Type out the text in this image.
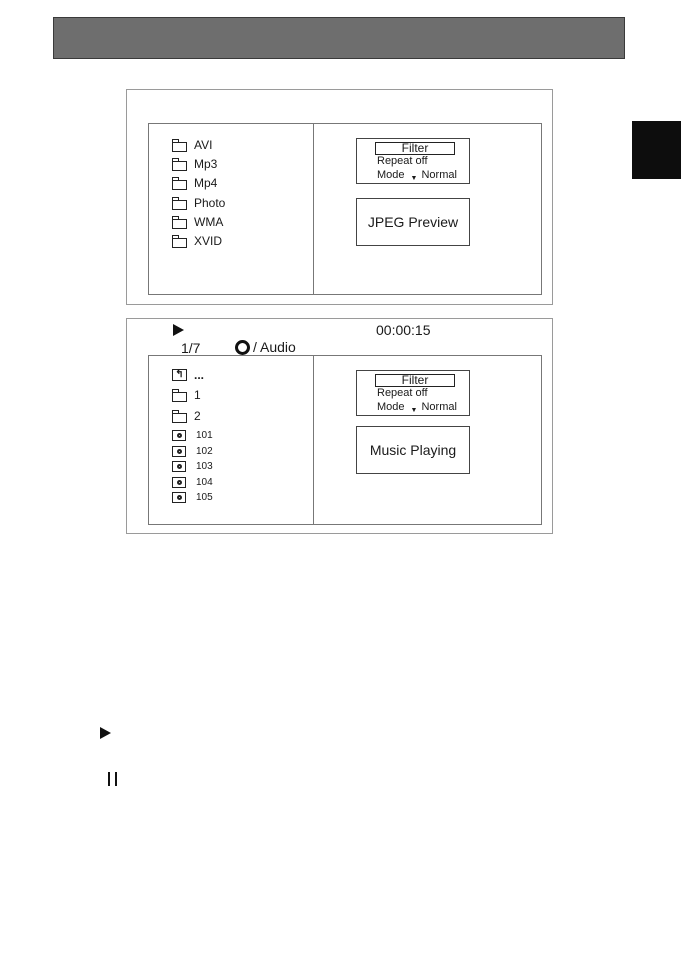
AVI
Mp3
Mp4
Photo
WMA
XVID
Filter
Repeat off
Mode ▼ Normal
JPEG Preview
00:00:15
1/7	/ Audio
↰ ...
1
2
101
102
103
104
105
Filter
Repeat off
Mode ▼ Normal
Music Playing
